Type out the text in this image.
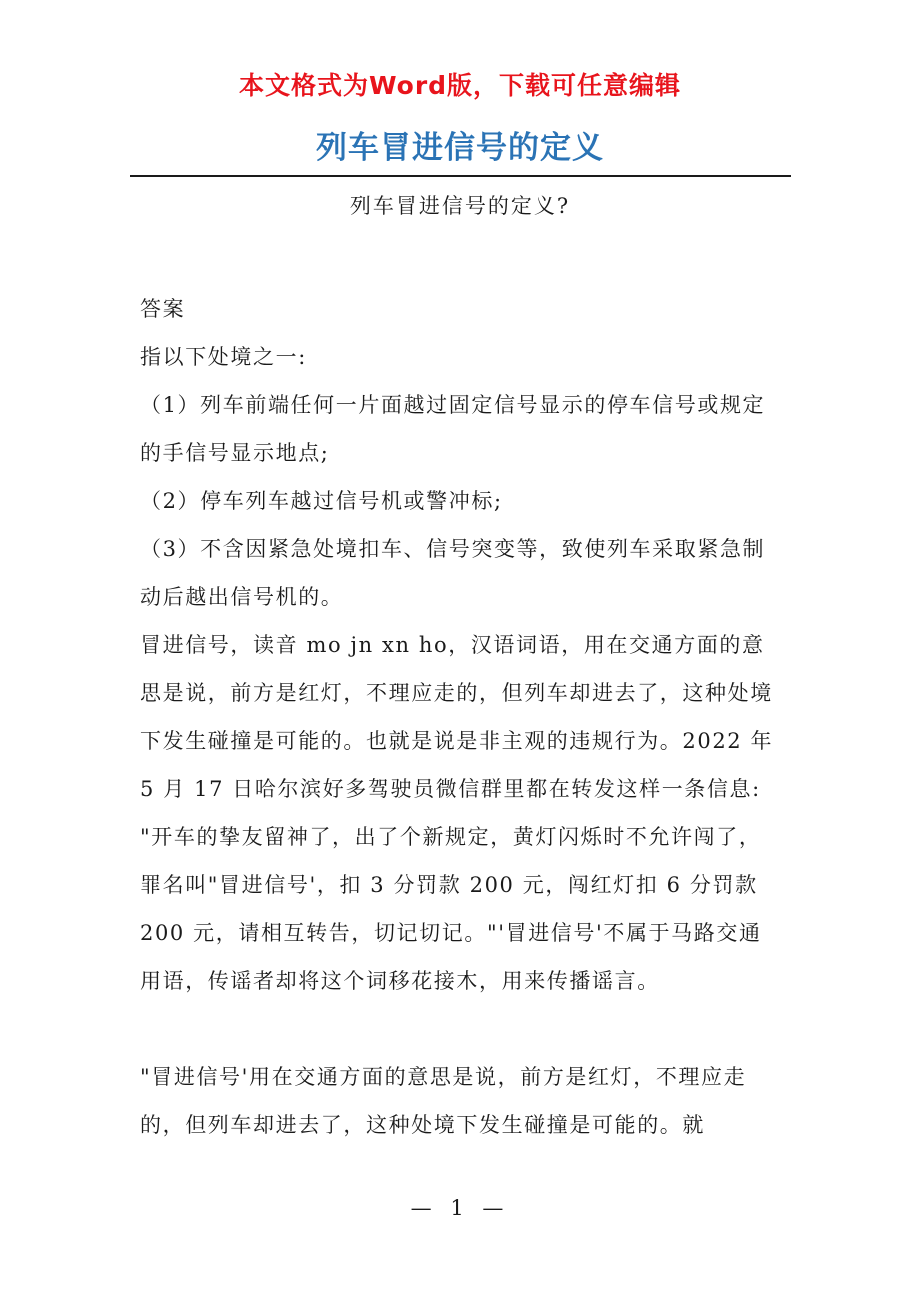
本文格式为Word版，下载可任意编辑
列车冒进信号的定义
列车冒进信号的定义?

答案

指以下处境之一:

（1）列车前端任何一片面越过固定信号显示的停车信号或规定的手信号显示地点;

（2）停车列车越过信号机或警冲标;

（3）不含因紧急处境扣车、信号突变等，致使列车采取紧急制动后越出信号机的。

冒进信号，读音 mo jn xn ho，汉语词语，用在交通方面的意思是说，前方是红灯，不理应走的，但列车却进去了，这种处境下发生碰撞是可能的。也就是说是非主观的违规行为。2022 年 5 月 17 日哈尔滨好多驾驶员微信群里都在转发这样一条信息: "开车的挚友留神了，出了个新规定，黄灯闪烁时不允许闯了，罪名叫"冒进信号'，扣 3 分罚款 200 元，闯红灯扣 6 分罚款 200 元，请相互转告，切记切记。"'冒进信号'不属于马路交通用语，传谣者却将这个词移花接木，用来传播谣言。

"冒进信号'用在交通方面的意思是说，前方是红灯，不理应走的，但列车却进去了，这种处境下发生碰撞是可能的。就

— 1 —
